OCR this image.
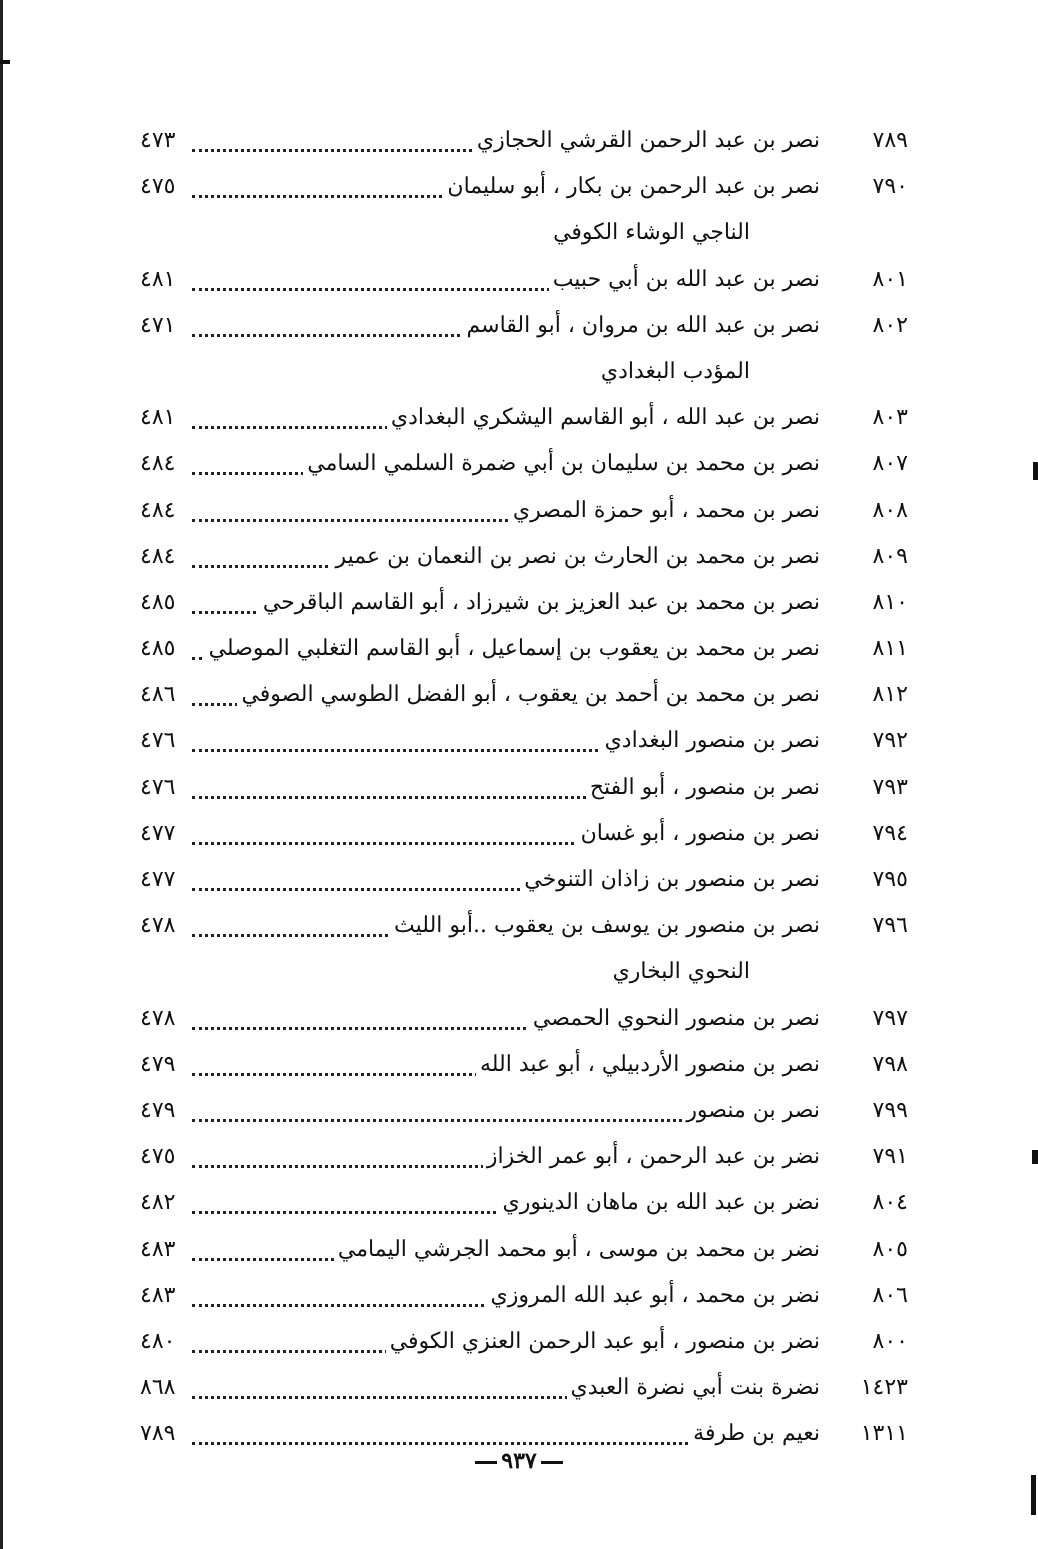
٧٨٩
نصر بن عبد الرحمن القرشي الحجازي
٤٧٣
٧٩٠
نصر بن عبد الرحمن بن بكار ، أبو سليمان
٤٧٥
الناجي الوشاء الكوفي
٨٠١
نصر بن عبد الله بن أبي حبيب
٤٨١
٨٠٢
نصر بن عبد الله بن مروان ، أبو القاسم
٤٧١
المؤدب البغدادي
٨٠٣
نصر بن عبد الله ، أبو القاسم اليشكري البغدادي
٤٨١
٨٠٧
نصر بن محمد بن سليمان بن أبي ضمرة السلمي السامي
٤٨٤
٨٠٨
نصر بن محمد ، أبو حمزة المصري
٤٨٤
٨٠٩
نصر بن محمد بن الحارث بن نصر بن النعمان بن عمير
٤٨٤
٨١٠
نصر بن محمد بن عبد العزيز بن شيرزاد ، أبو القاسم الباقرحي
٤٨٥
٨١١
نصر بن محمد بن يعقوب بن إسماعيل ، أبو القاسم التغلبي الموصلي
٤٨٥
٨١٢
نصر بن محمد بن أحمد بن يعقوب ، أبو الفضل الطوسي الصوفي
٤٨٦
٧٩٢
نصر بن منصور البغدادي
٤٧٦
٧٩٣
نصر بن منصور ، أبو الفتح
٤٧٦
٧٩٤
نصر بن منصور ، أبو غسان
٤٧٧
٧٩٥
نصر بن منصور بن زاذان التنوخي
٤٧٧
٧٩٦
نصر بن منصور بن يوسف بن يعقوب ..أبو الليث
٤٧٨
النحوي البخاري
٧٩٧
نصر بن منصور النحوي الحمصي
٤٧٨
٧٩٨
نصر بن منصور الأردبيلي ، أبو عبد الله
٤٧٩
٧٩٩
نصر بن منصور
٤٧٩
٧٩١
نضر بن عبد الرحمن ، أبو عمر الخزاز
٤٧٥
٨٠٤
نضر بن عبد الله بن ماهان الدينوري
٤٨٢
٨٠٥
نضر بن محمد بن موسى ، أبو محمد الجرشي اليمامي
٤٨٣
٨٠٦
نضر بن محمد ، أبو عبد الله المروزي
٤٨٣
٨٠٠
نضر بن منصور ، أبو عبد الرحمن العنزي الكوفي
٤٨٠
١٤٢٣
نضرة بنت أبي نضرة العبدي
٨٦٨
١٣١١
نعيم بن طرفة
٧٨٩
٩٣٧
